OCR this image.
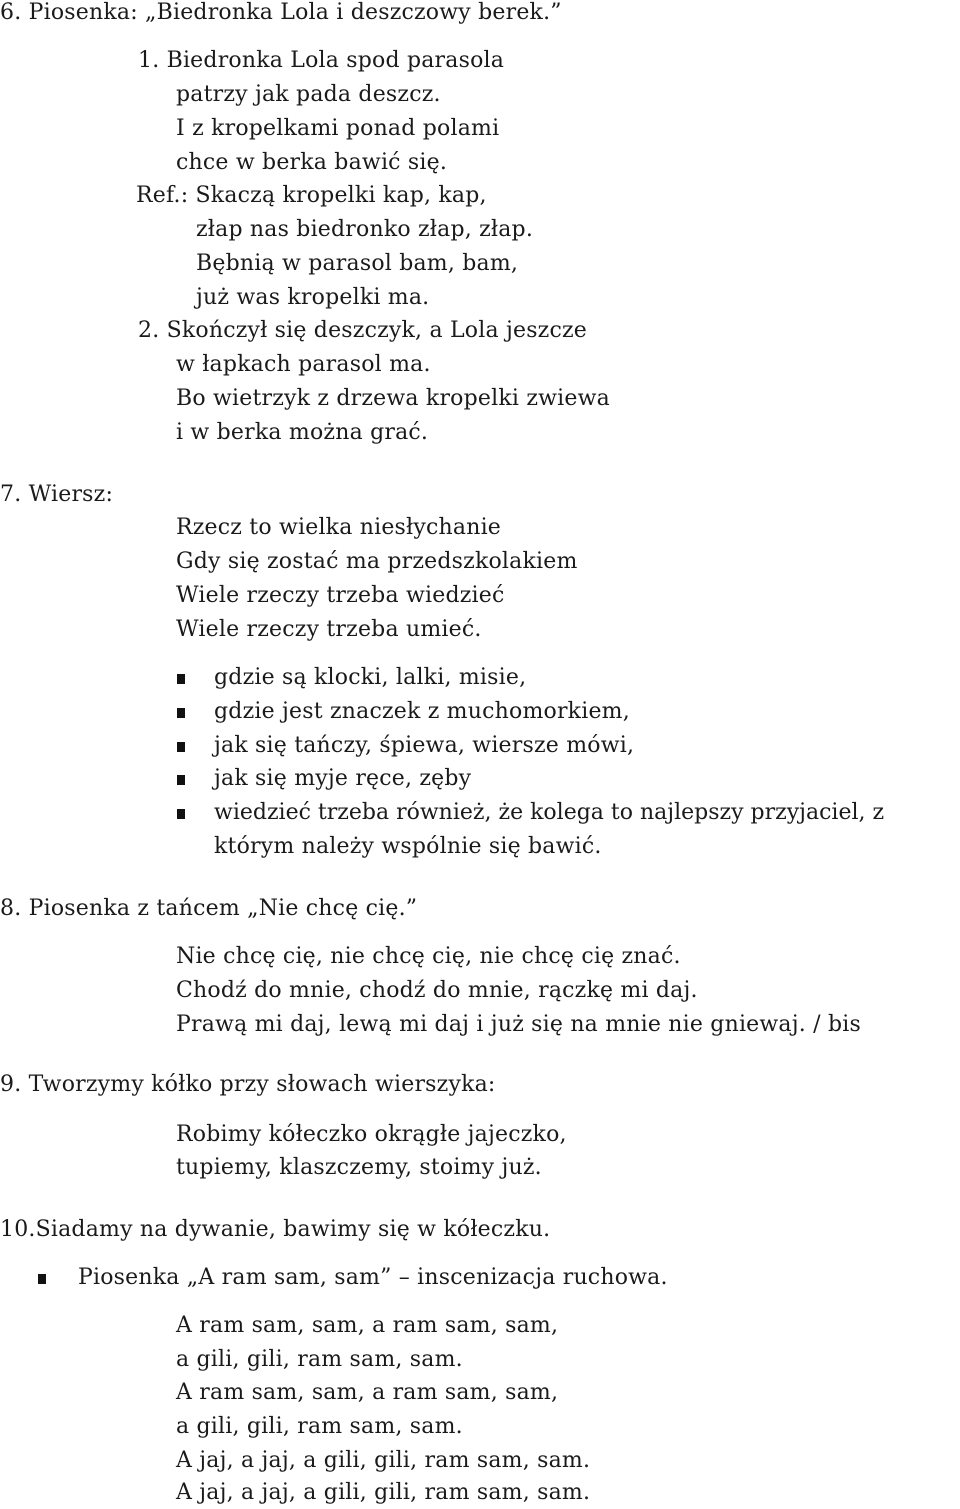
6. Piosenka: „Biedronka Lola i deszczowy berek.”
1. Biedronka Lola spod parasola
patrzy jak pada deszcz.
I z kropelkami ponad polami
chce w berka bawić się.
Ref.: Skaczą kropelki kap, kap,
złap nas biedronko złap, złap.
Bębnią w parasol bam, bam,
już was kropelki ma.
2. Skończył się deszczyk, a Lola jeszcze
w łapkach parasol ma.
Bo wietrzyk z drzewa kropelki zwiewa
i w berka można grać.
7. Wiersz:
Rzecz to wielka niesłychanie
Gdy się zostać ma przedszkolakiem
Wiele rzeczy trzeba wiedzieć
Wiele rzeczy trzeba umieć.
gdzie są klocki, lalki, misie,
gdzie jest znaczek z muchomorkiem,
jak się tańczy, śpiewa, wiersze mówi,
jak się myje ręce, zęby
wiedzieć trzeba również, że kolega to najlepszy przyjaciel, z
którym należy wspólnie się bawić.
8. Piosenka z tańcem „Nie chcę cię.”
Nie chcę cię, nie chcę cię, nie chcę cię znać.
Chodź do mnie, chodź do mnie, rączkę mi daj.
Prawą mi daj, lewą mi daj i już się na mnie nie gniewaj. / bis
9. Tworzymy kółko przy słowach wierszyka:
Robimy kółeczko okrągłe jajeczko,
tupiemy, klaszczemy, stoimy już.
10.Siadamy na dywanie, bawimy się w kółeczku.
Piosenka „A ram sam, sam” – inscenizacja ruchowa.
A ram sam, sam, a ram sam, sam,
a gili, gili, ram sam, sam.
A ram sam, sam, a ram sam, sam,
a gili, gili, ram sam, sam.
A jaj, a jaj, a gili, gili, ram sam, sam.
A jaj, a jaj, a gili, gili, ram sam, sam.
